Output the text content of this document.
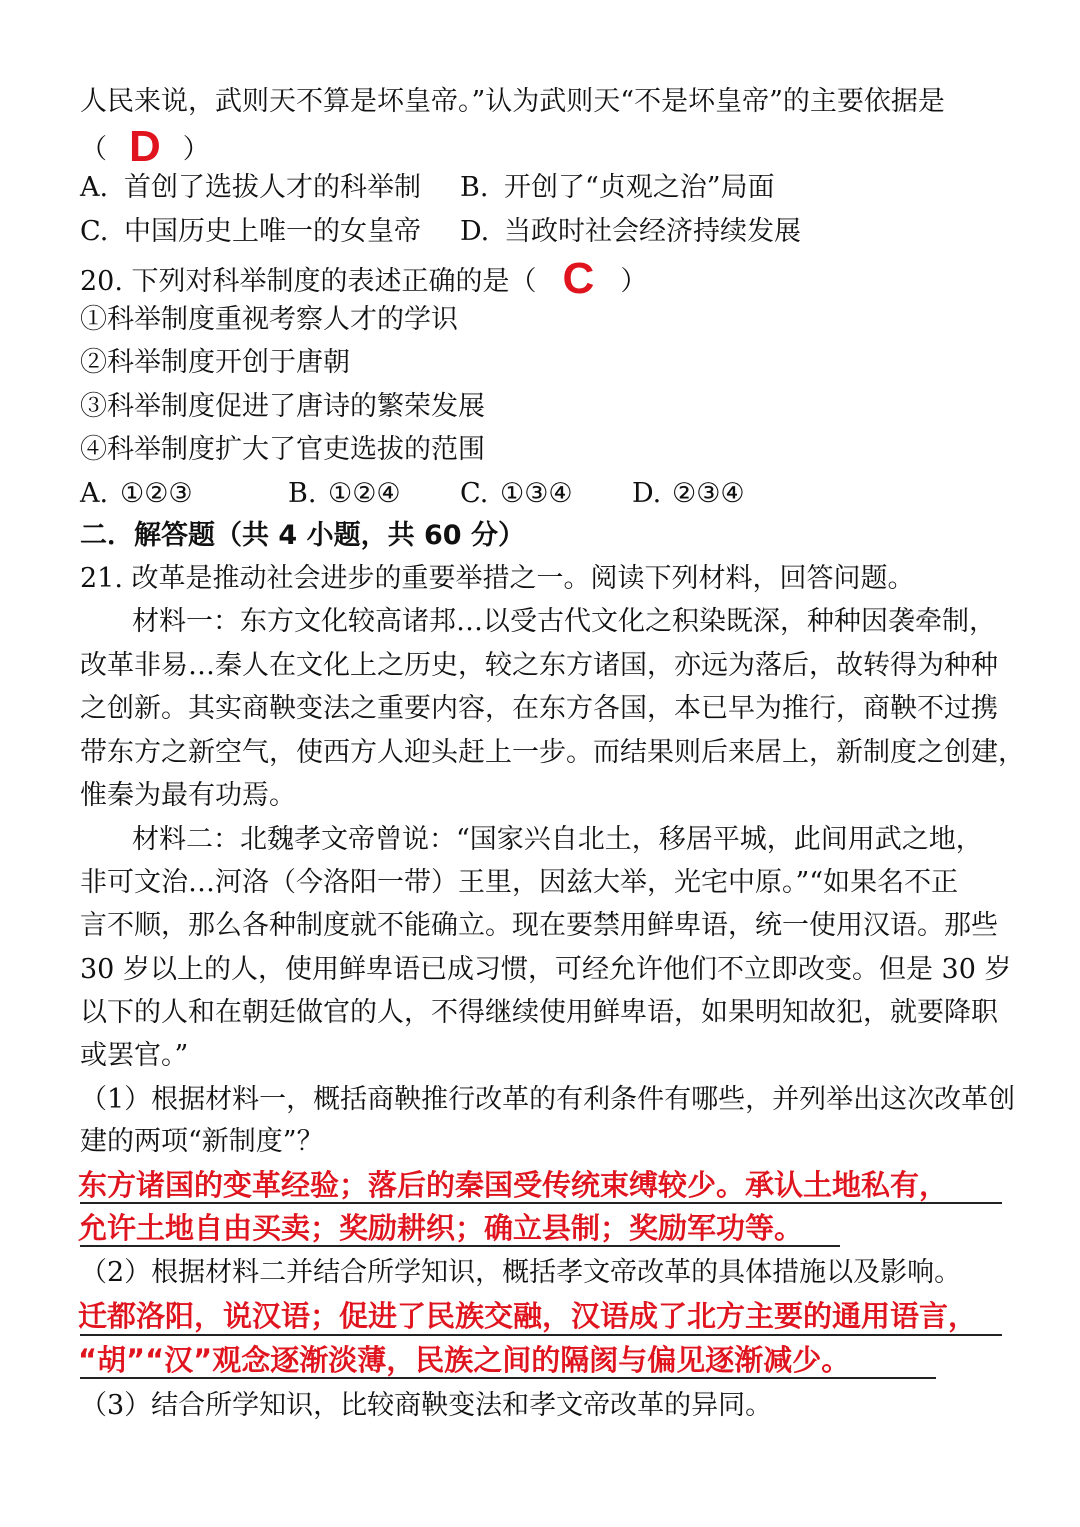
人民来说，武则天不算是坏皇帝。”认为武则天“不是坏皇帝”的主要依据是
（ D ）
A. 首创了选拔人才的科举制 B. 开创了“贞观之治”局面
C. 中国历史上唯一的女皇帝 D. 当政时社会经济持续发展
20. 下列对科举制度的表述正确的是（ C ）
①科举制度重视考察人才的学识
②科举制度开创于唐朝
③科举制度促进了唐诗的繁荣发展
④科举制度扩大了官吏选拔的范围
A. ①②③	B. ①②④ C. ①③④ D. ②③④
二．解答题（共 4 小题，共 60 分）
21. 改革是推动社会进步的重要举措之一。阅读下列材料，回答问题。
材料一：东方文化较高诸邦…以受古代文化之积染既深，种种因袭牵制，
改革非易…秦人在文化上之历史，较之东方诸国，亦远为落后，故转得为种种
之创新。其实商鞅变法之重要内容，在东方各国，本已早为推行，商鞅不过携
带东方之新空气，使西方人迎头赶上一步。而结果则后来居上，新制度之创建，
惟秦为最有功焉。
材料二：北魏孝文帝曾说：“国家兴自北土，移居平城，此间用武之地，
非可文治…河洛（今洛阳一带）王里，因兹大举，光宅中原。”“如果名不正
言不顺，那么各种制度就不能确立。现在要禁用鲜卑语，统一使用汉语。那些
30 岁以上的人，使用鲜卑语已成习惯，可经允许他们不立即改变。但是 30 岁
以下的人和在朝廷做官的人，不得继续使用鲜卑语，如果明知故犯，就要降职
或罢官。”
（1）根据材料一，概括商鞅推行改革的有利条件有哪些，并列举出这次改革创
建的两项“新制度”？
东方诸国的变革经验；落后的秦国受传统束缚较少。承认土地私有，
允许土地自由买卖；奖励耕织；确立县制；奖励军功等。
（2）根据材料二并结合所学知识，概括孝文帝改革的具体措施以及影响。
迁都洛阳，说汉语；促进了民族交融，汉语成了北方主要的通用语言，
“胡”“汉”观念逐渐淡薄，民族之间的隔阂与偏见逐渐减少。
（3）结合所学知识，比较商鞅变法和孝文帝改革的异同。
